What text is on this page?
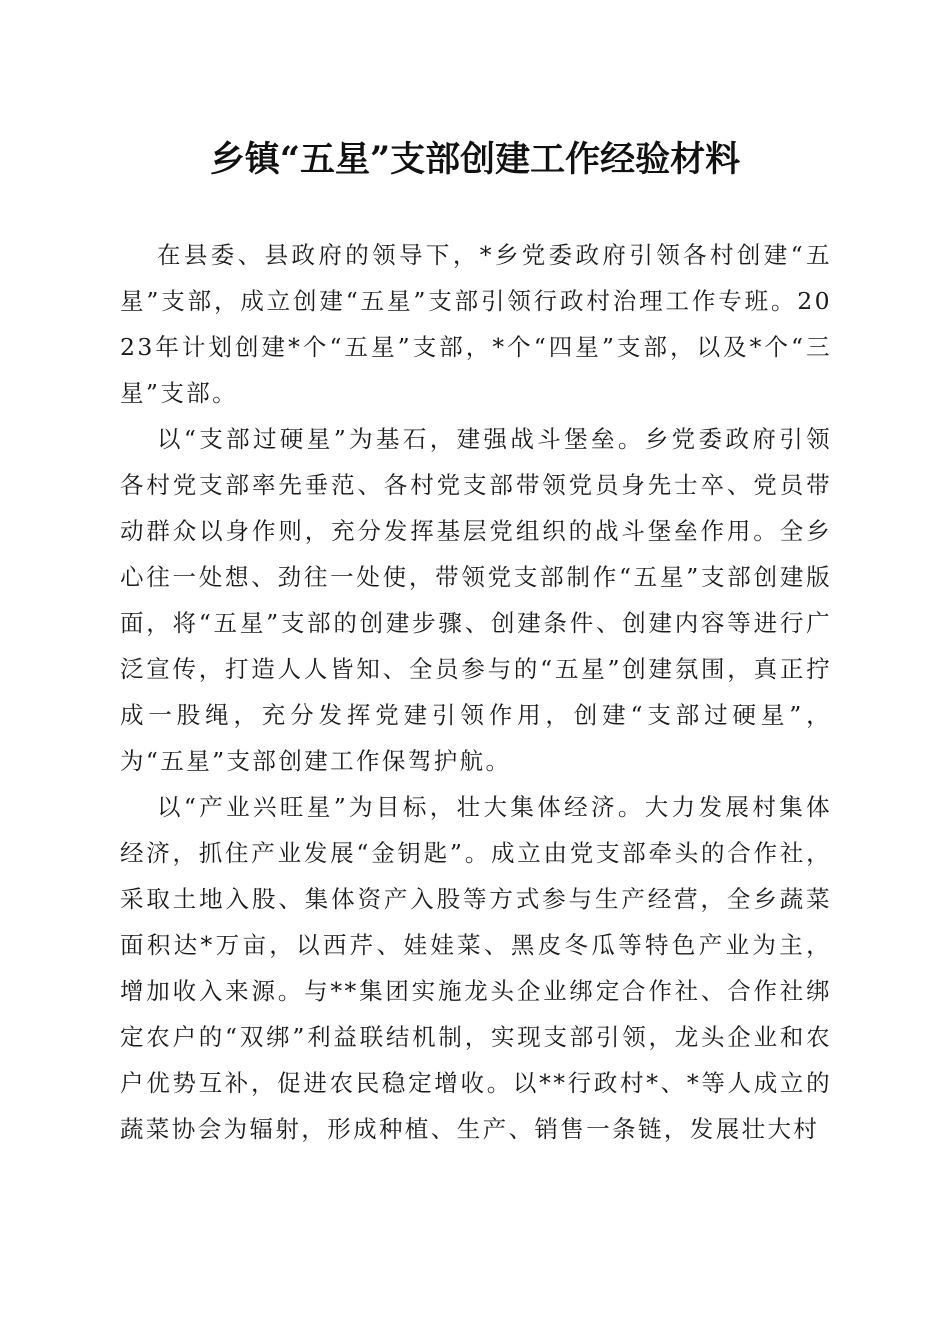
乡镇“五星”支部创建工作经验材料

在县委、县政府的领导下，*乡党委政府引领各村创建“五星”支部，成立创建“五星”支部引领行政村治理工作专班。2023年计划创建*个“五星”支部，*个“四星”支部，以及*个“三星”支部。

以“支部过硬星”为基石，建强战斗堡垒。乡党委政府引领各村党支部率先垂范、各村党支部带领党员身先士卒、党员带动群众以身作则，充分发挥基层党组织的战斗堡垒作用。全乡心往一处想、劲往一处使，带领党支部制作“五星”支部创建版面，将“五星”支部的创建步骤、创建条件、创建内容等进行广泛宣传，打造人人皆知、全员参与的“五星”创建氛围，真正拧成一股绳，充分发挥党建引领作用，创建“支部过硬星”，为“五星”支部创建工作保驾护航。

以“产业兴旺星”为目标，壮大集体经济。大力发展村集体经济，抓住产业发展“金钥匙”。成立由党支部牵头的合作社，采取土地入股、集体资产入股等方式参与生产经营，全乡蔬菜面积达*万亩，以西芹、娃娃菜、黑皮冬瓜等特色产业为主，增加收入来源。与**集团实施龙头企业绑定合作社、合作社绑定农户的“双绑”利益联结机制，实现支部引领，龙头企业和农户优势互补，促进农民稳定增收。以**行政村*、*等人成立的蔬菜协会为辐射，形成种植、生产、销售一条链，发展壮大村
